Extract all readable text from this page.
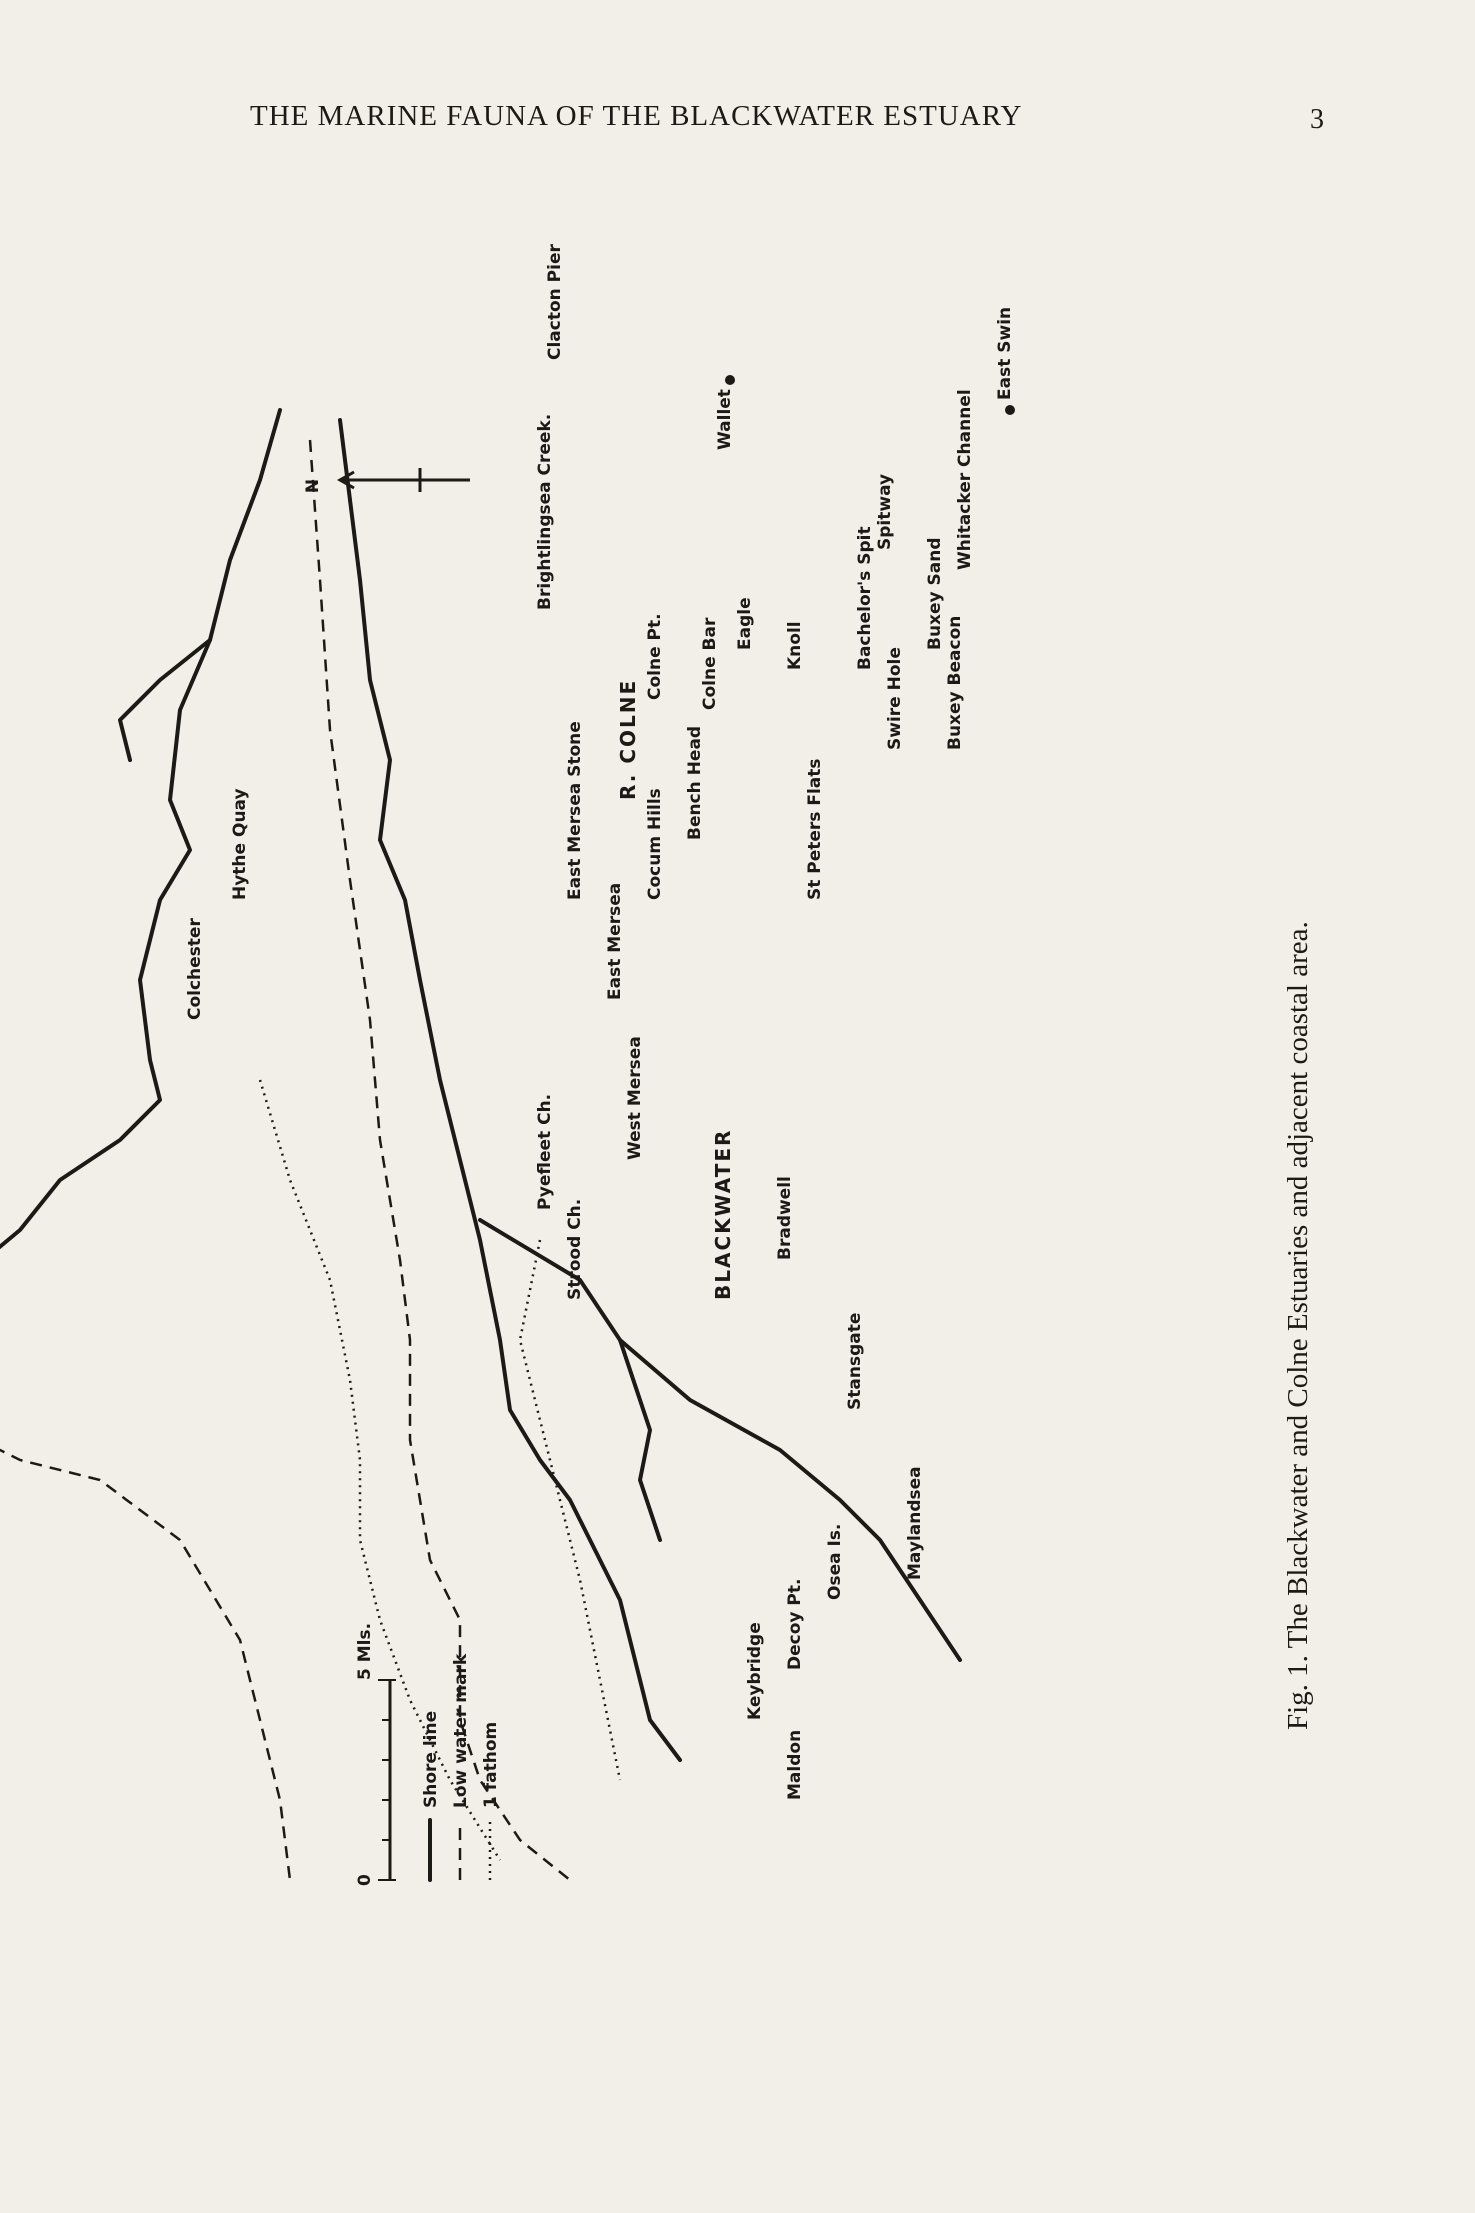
THE MARINE FAUNA OF THE BLACKWATER ESTUARY	3
0
5 Mls.
Shore line Low water mark 1 fathom
N
Colchester
Hythe Quay
Brightlingsea Creek.
Clacton Pier
Wallet
East Swin
Whitacker Channel
Spitway
Buxey Sand
Buxey Beacon
Swire Hole
Bachelor's Spit
Knoll
Eagle
Colne Bar
Colne Pt.
R. COLNE	Bench Head
Cocum Hills
East Mersea Stone	St Peters Flats
Pyefleet Ch.
East Mersea
West Mersea
Strood Ch.	BLACKWATER Bradwell
Stansgate
Maylandsea
Osea Is.
Decoy Pt.
Keybridge
Maldon
Fig. 1. The Blackwater and Colne Estuaries and adjacent coastal area.
